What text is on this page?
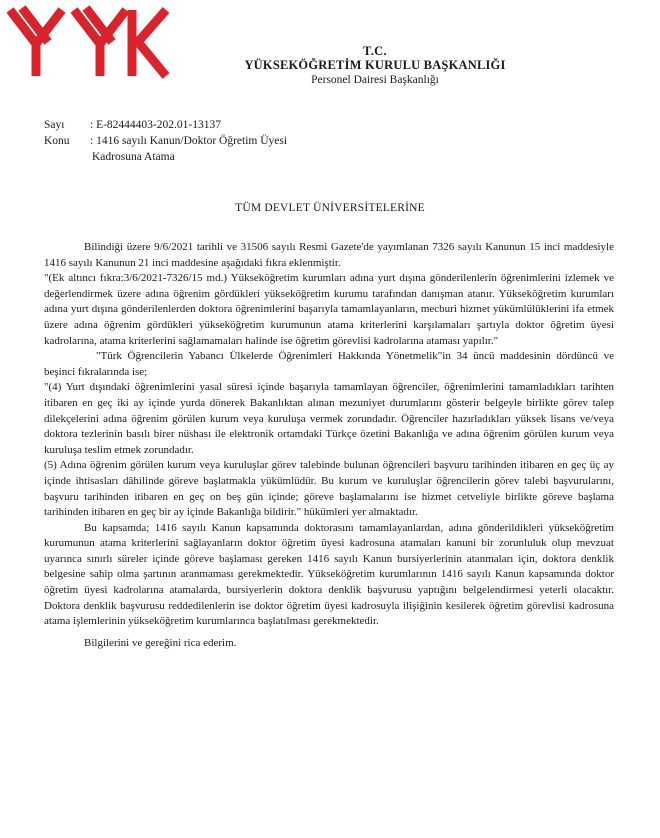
T.C.
YÜKSEKÖĞRETİM KURULU BAŞKANLIĞI
Personel Dairesi Başkanlığı
Sayı	: E-82444403-202.01-13137
Konu	: 1416 sayılı Kanun/Doktor Öğretim Üyesi
Kadrosuna Atama
TÜM DEVLET ÜNİVERSİTELERİNE

Bilindiği üzere 9/6/2021 tarihli ve 31506 sayılı Resmi Gazete'de yayımlanan 7326 sayılı Kanunun 15 inci maddesiyle 1416 sayılı Kanunun 21 inci maddesine aşağıdaki fıkra eklenmiştir.

"(Ek altıncı fıkra:3/6/2021-7326/15 md.) Yükseköğretim kurumları adına yurt dışına gönderilenlerin öğrenimlerini izlemek ve değerlendirmek üzere adına öğrenim gördükleri yükseköğretim kurumu tarafından danışman atanır. Yükseköğretim kurumları adına yurt dışına gönderilenlerden doktora öğrenimlerini başarıyla tamamlayanların, mecburi hizmet yükümlülüklerini ifa etmek üzere adına öğrenim gördükleri yükseköğretim kurumunun atama kriterlerini karşılamaları şartıyla doktor öğretim üyesi kadrolarına, atama kriterlerini sağlamamaları halinde ise öğretim görevlisi kadrolarına ataması yapılır."

"Türk Öğrencilerin Yabancı Ülkelerde Öğrenimleri Hakkında Yönetmelik"in 34 üncü maddesinin dördüncü ve beşinci fıkralarında ise;

"(4) Yurt dışındaki öğrenimlerini yasal süresi içinde başarıyla tamamlayan öğrenciler, öğrenimlerini tamamladıkları tarihten itibaren en geç iki ay içinde yurda dönerek Bakanlıktan alınan mezuniyet durumlarını gösterir belgeyle birlikte görev talep dilekçelerini adına öğrenim görülen kurum veya kuruluşa vermek zorundadır. Öğrenciler hazırladıkları yüksek lisans ve/veya doktora tezlerinin basılı birer nüshası ile elektronik ortamdaki Türkçe özetini Bakanlığa ve adına öğrenim görülen kurum veya kuruluşa teslim etmek zorundadır.

(5) Adına öğrenim görülen kurum veya kuruluşlar görev talebinde bulunan öğrencileri başvuru tarihinden itibaren en geç üç ay içinde ihtisasları dâhilinde göreve başlatmakla yükümlüdür. Bu kurum ve kuruluşlar öğrencilerin görev talebi başvurularını, başvuru tarihinden itibaren en geç on beş gün içinde; göreve başlamalarını ise hizmet cetveliyle birlikte göreve başlama tarihinden itibaren en geç bir ay içinde Bakanlığa bildirir." hükümleri yer almaktadır.

Bu kapsamda; 1416 sayılı Kanun kapsamında doktorasını tamamlayanlardan, adına gönderildikleri yükseköğretim kurumunun atama kriterlerini sağlayanların doktor öğretim üyesi kadrosuna atamaları kanuni bir zorunluluk olup mevzuat uyarınca sınırlı süreler içinde göreve başlaması gereken 1416 sayılı Kanun bursiyerlerinin atanmaları için, doktora denklik belgesine sahip olma şartının aranmaması gerekmektedir. Yükseköğretim kurumlarının 1416 sayılı Kanun kapsamında doktor öğretim üyesi kadrolarına atamalarda, bursiyerlerin doktora denklik başvurusu yaptığını belgelendirmesi yeterli olacaktır. Doktora denklik başvurusu reddedilenlerin ise doktor öğretim üyesi kadrosuyla ilişiğinin kesilerek öğretim görevlisi kadrosuna atama işlemlerinin yükseköğretim kurumlarınca başlatılması gerekmektedir.

Bilgilerini ve gereğini rica ederim.
